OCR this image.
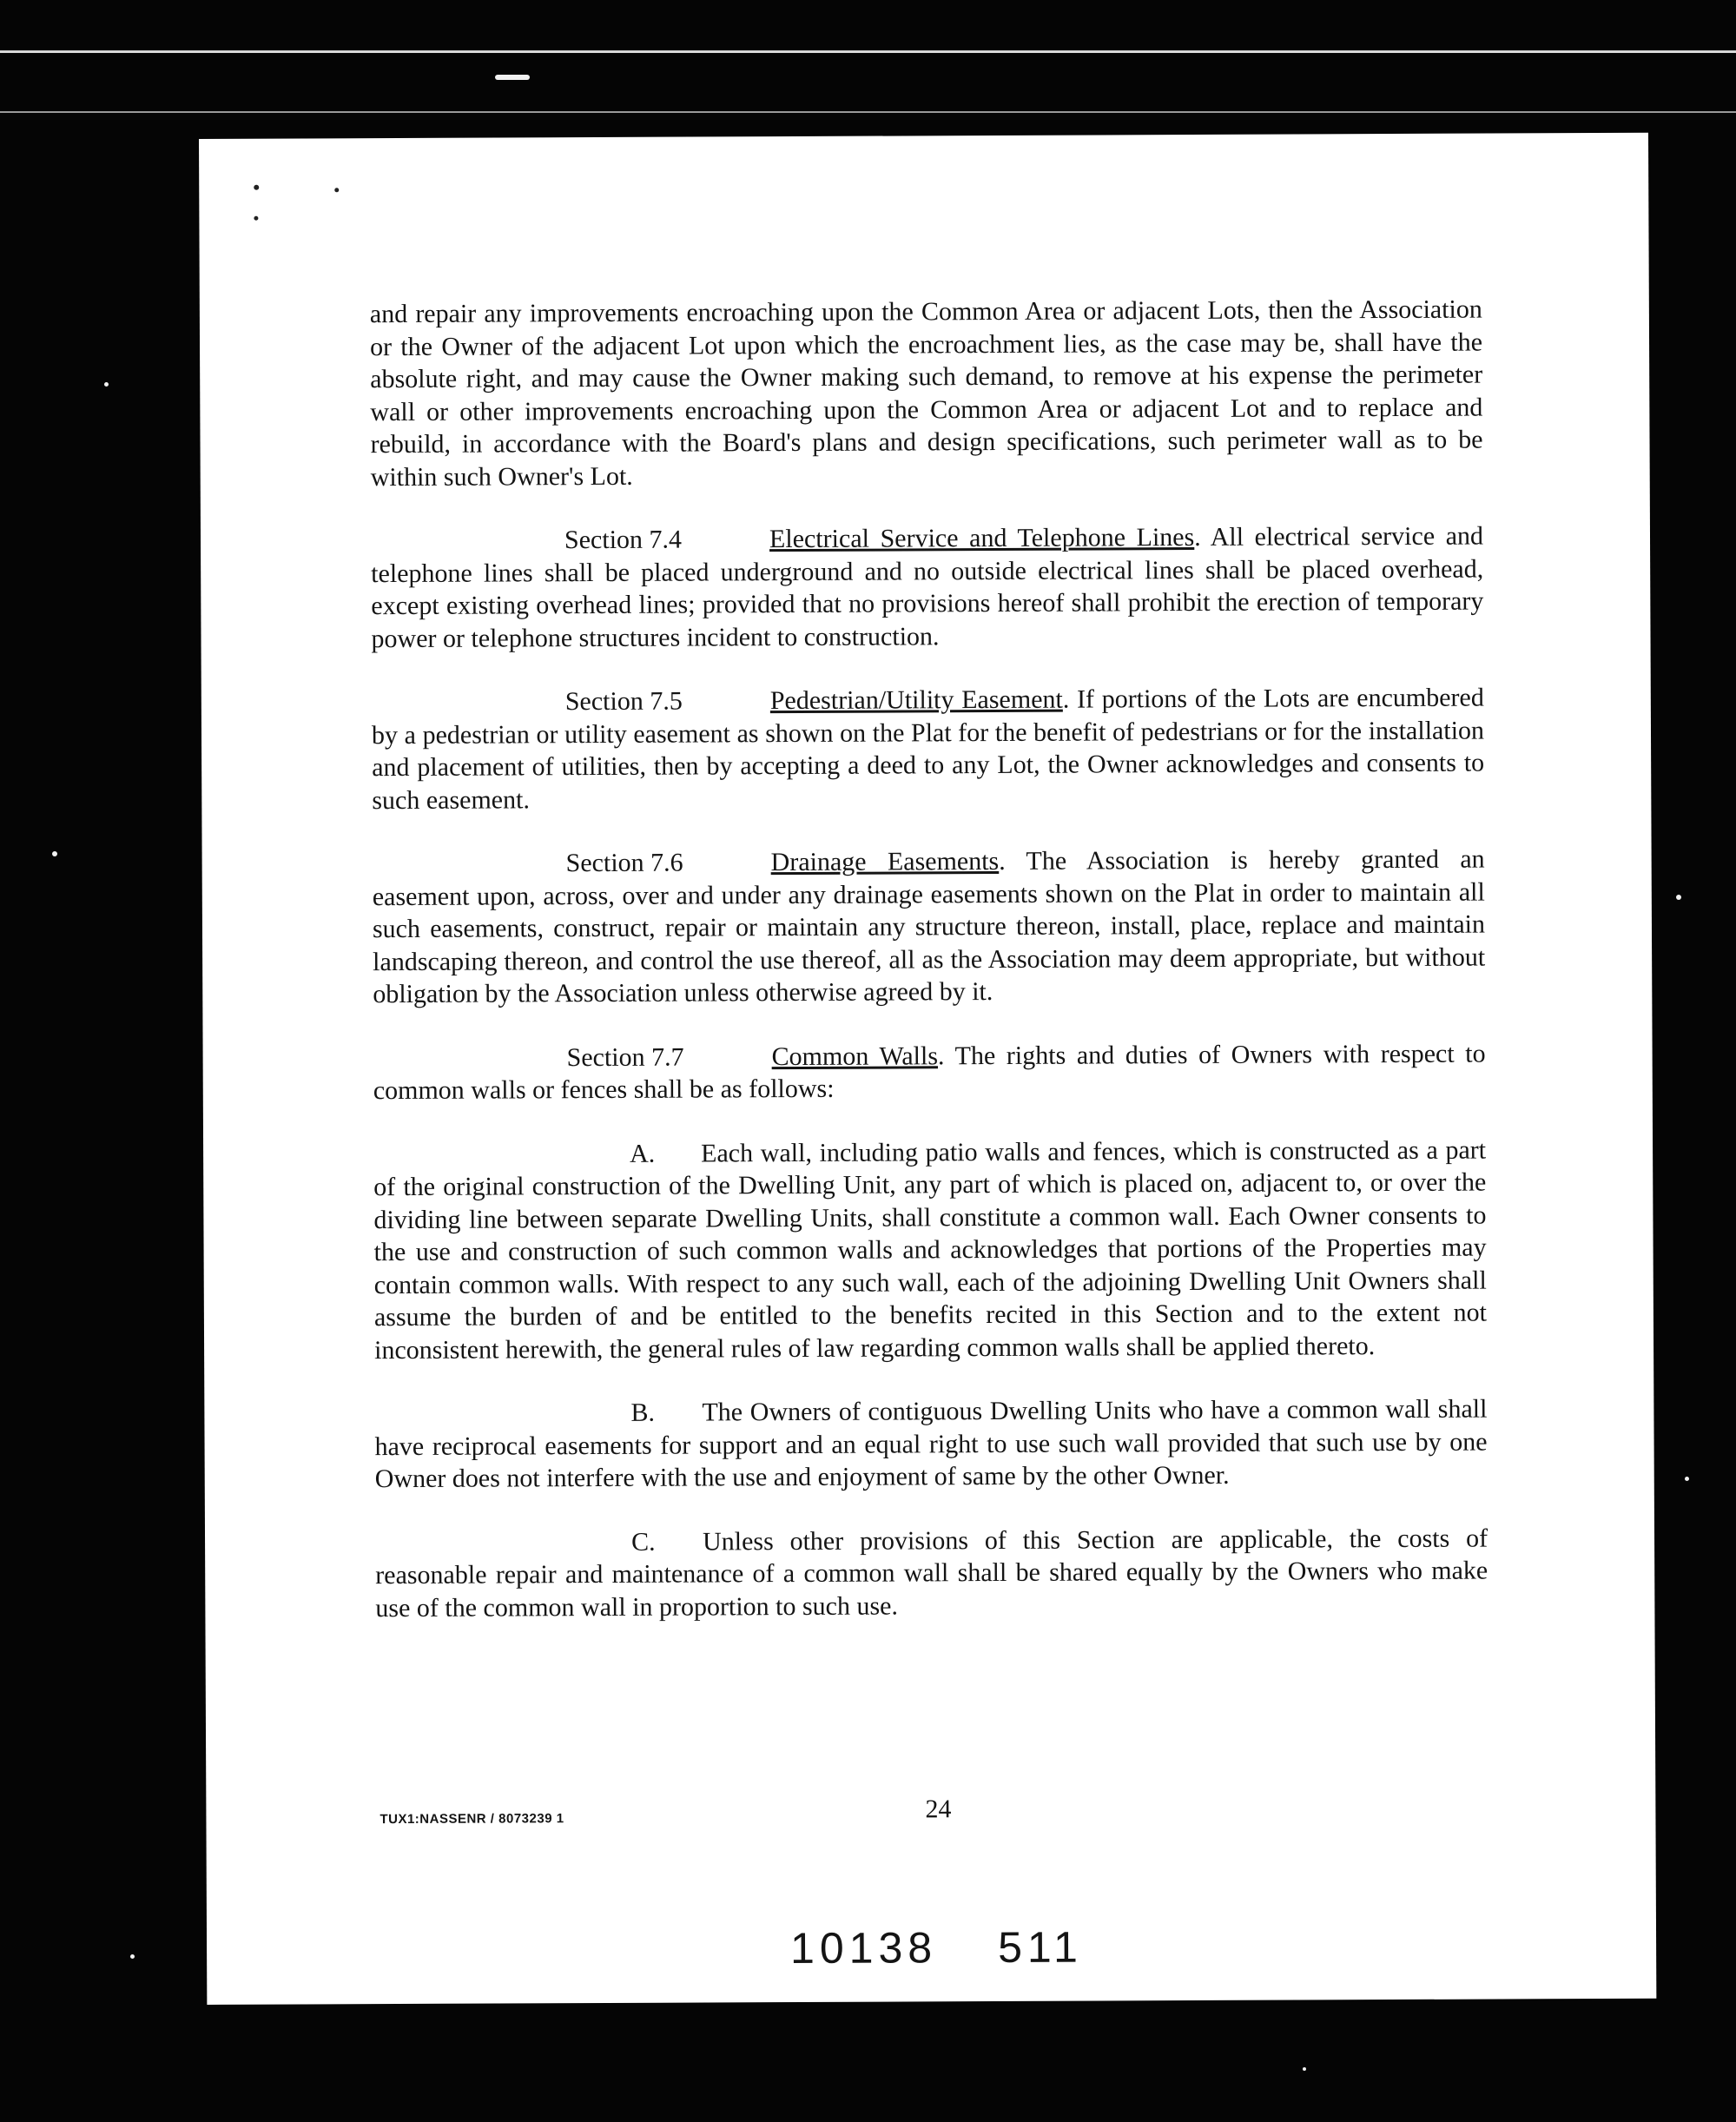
and repair any improvements encroaching upon the Common Area or adjacent Lots, then the Association or the Owner of the adjacent Lot upon which the encroachment lies, as the case may be, shall have the absolute right, and may cause the Owner making such demand, to remove at his expense the perimeter wall or other improvements encroaching upon the Common Area or adjacent Lot and to replace and rebuild, in accordance with the Board's plans and design specifications, such perimeter wall as to be within such Owner's Lot.

Section 7.4	Electrical Service and Telephone Lines. All electrical service and telephone lines shall be placed underground and no outside electrical lines shall be placed overhead, except existing overhead lines; provided that no provisions hereof shall prohibit the erection of temporary power or telephone structures incident to construction.

Section 7.5	Pedestrian/Utility Easement. If portions of the Lots are encumbered by a pedestrian or utility easement as shown on the Plat for the benefit of pedestrians or for the installation and placement of utilities, then by accepting a deed to any Lot, the Owner acknowledges and consents to such easement.

Section 7.6	Drainage Easements. The Association is hereby granted an easement upon, across, over and under any drainage easements shown on the Plat in order to maintain all such easements, construct, repair or maintain any structure thereon, install, place, replace and maintain landscaping thereon, and control the use thereof, all as the Association may deem appropriate, but without obligation by the Association unless otherwise agreed by it.

Section 7.7	Common Walls. The rights and duties of Owners with respect to common walls or fences shall be as follows:

A. Each wall, including patio walls and fences, which is constructed as a part of the original construction of the Dwelling Unit, any part of which is placed on, adjacent to, or over the dividing line between separate Dwelling Units, shall constitute a common wall. Each Owner consents to the use and construction of such common walls and acknowledges that portions of the Properties may contain common walls. With respect to any such wall, each of the adjoining Dwelling Unit Owners shall assume the burden of and be entitled to the benefits recited in this Section and to the extent not inconsistent herewith, the general rules of law regarding common walls shall be applied thereto.

B. The Owners of contiguous Dwelling Units who have a common wall shall have reciprocal easements for support and an equal right to use such wall provided that such use by one Owner does not interfere with the use and enjoyment of same by the other Owner.

C. Unless other provisions of this Section are applicable, the costs of reasonable repair and maintenance of a common wall shall be shared equally by the Owners who make use of the common wall in proportion to such use.

TUX1:NASSENR / 8073239 1	24
10138 511
